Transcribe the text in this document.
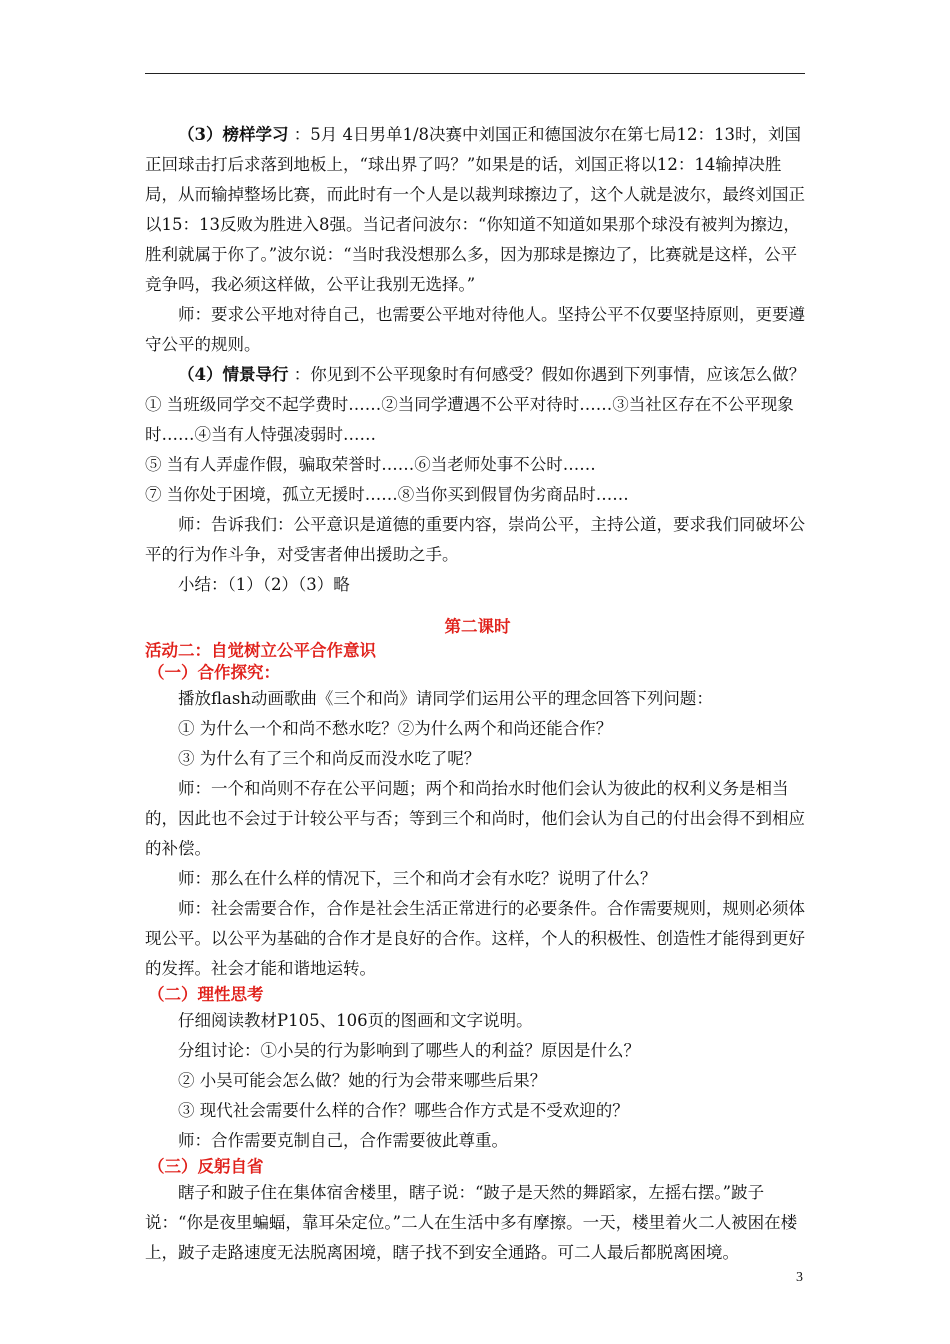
（3）榜样学习 ：5月 4日男单1/8决赛中刘国正和德国波尔在第七局12：13时，刘国正回球击打后求落到地板上，“球出界了吗？”如果是的话，刘国正将以12：14输掉决胜局，从而输掉整场比赛，而此时有一个人是以裁判球擦边了，这个人就是波尔，最终刘国正以15：13反败为胜进入8强。当记者问波尔：“你知道不知道如果那个球没有被判为擦边，胜利就属于你了。”波尔说：“当时我没想那么多，因为那球是擦边了，比赛就是这样，公平竞争吗，我必须这样做，公平让我别无选择。”

师：要求公平地对待自己，也需要公平地对待他人。坚持公平不仅要坚持原则，更要遵守公平的规则。

（4）情景导行 ：你见到不公平现象时有何感受？假如你遇到下列事情，应该怎么做？

① 当班级同学交不起学费时……②当同学遭遇不公平对待时……③当社区存在不公平现象时……④当有人恃强凌弱时……

⑤ 当有人弄虚作假，骗取荣誉时……⑥当老师处事不公时……

⑦ 当你处于困境，孤立无援时……⑧当你买到假冒伪劣商品时……

师：告诉我们：公平意识是道德的重要内容，崇尚公平，主持公道，要求我们同破坏公平的行为作斗争，对受害者伸出援助之手。

小结：（1）（2）（3）略

第二课时

活动二：自觉树立公平合作意识

（一）合作探究：

播放flash动画歌曲《三个和尚》请同学们运用公平的理念回答下列问题：

① 为什么一个和尚不愁水吃？②为什么两个和尚还能合作？

③ 为什么有了三个和尚反而没水吃了呢？

师：一个和尚则不存在公平问题；两个和尚抬水时他们会认为彼此的权利义务是相当的，因此也不会过于计较公平与否；等到三个和尚时，他们会认为自己的付出会得不到相应的补偿。

师：那么在什么样的情况下，三个和尚才会有水吃？说明了什么？

师：社会需要合作，合作是社会生活正常进行的必要条件。合作需要规则，规则必须体现公平。以公平为基础的合作才是良好的合作。这样，个人的积极性、创造性才能得到更好的发挥。社会才能和谐地运转。

（二）理性思考

仔细阅读教材P105、106页的图画和文字说明。

分组讨论：①小吴的行为影响到了哪些人的利益？原因是什么？

② 小吴可能会怎么做？她的行为会带来哪些后果？

③ 现代社会需要什么样的合作？哪些合作方式是不受欢迎的？

师：合作需要克制自己，合作需要彼此尊重。

（三）反躬自省

瞎子和跛子住在集体宿舍楼里，瞎子说：“跛子是天然的舞蹈家，左摇右摆。”跛子说：“你是夜里蝙蝠，靠耳朵定位。”二人在生活中多有摩擦。一天，楼里着火二人被困在楼上，跛子走路速度无法脱离困境，瞎子找不到安全通路。可二人最后都脱离困境。

3
